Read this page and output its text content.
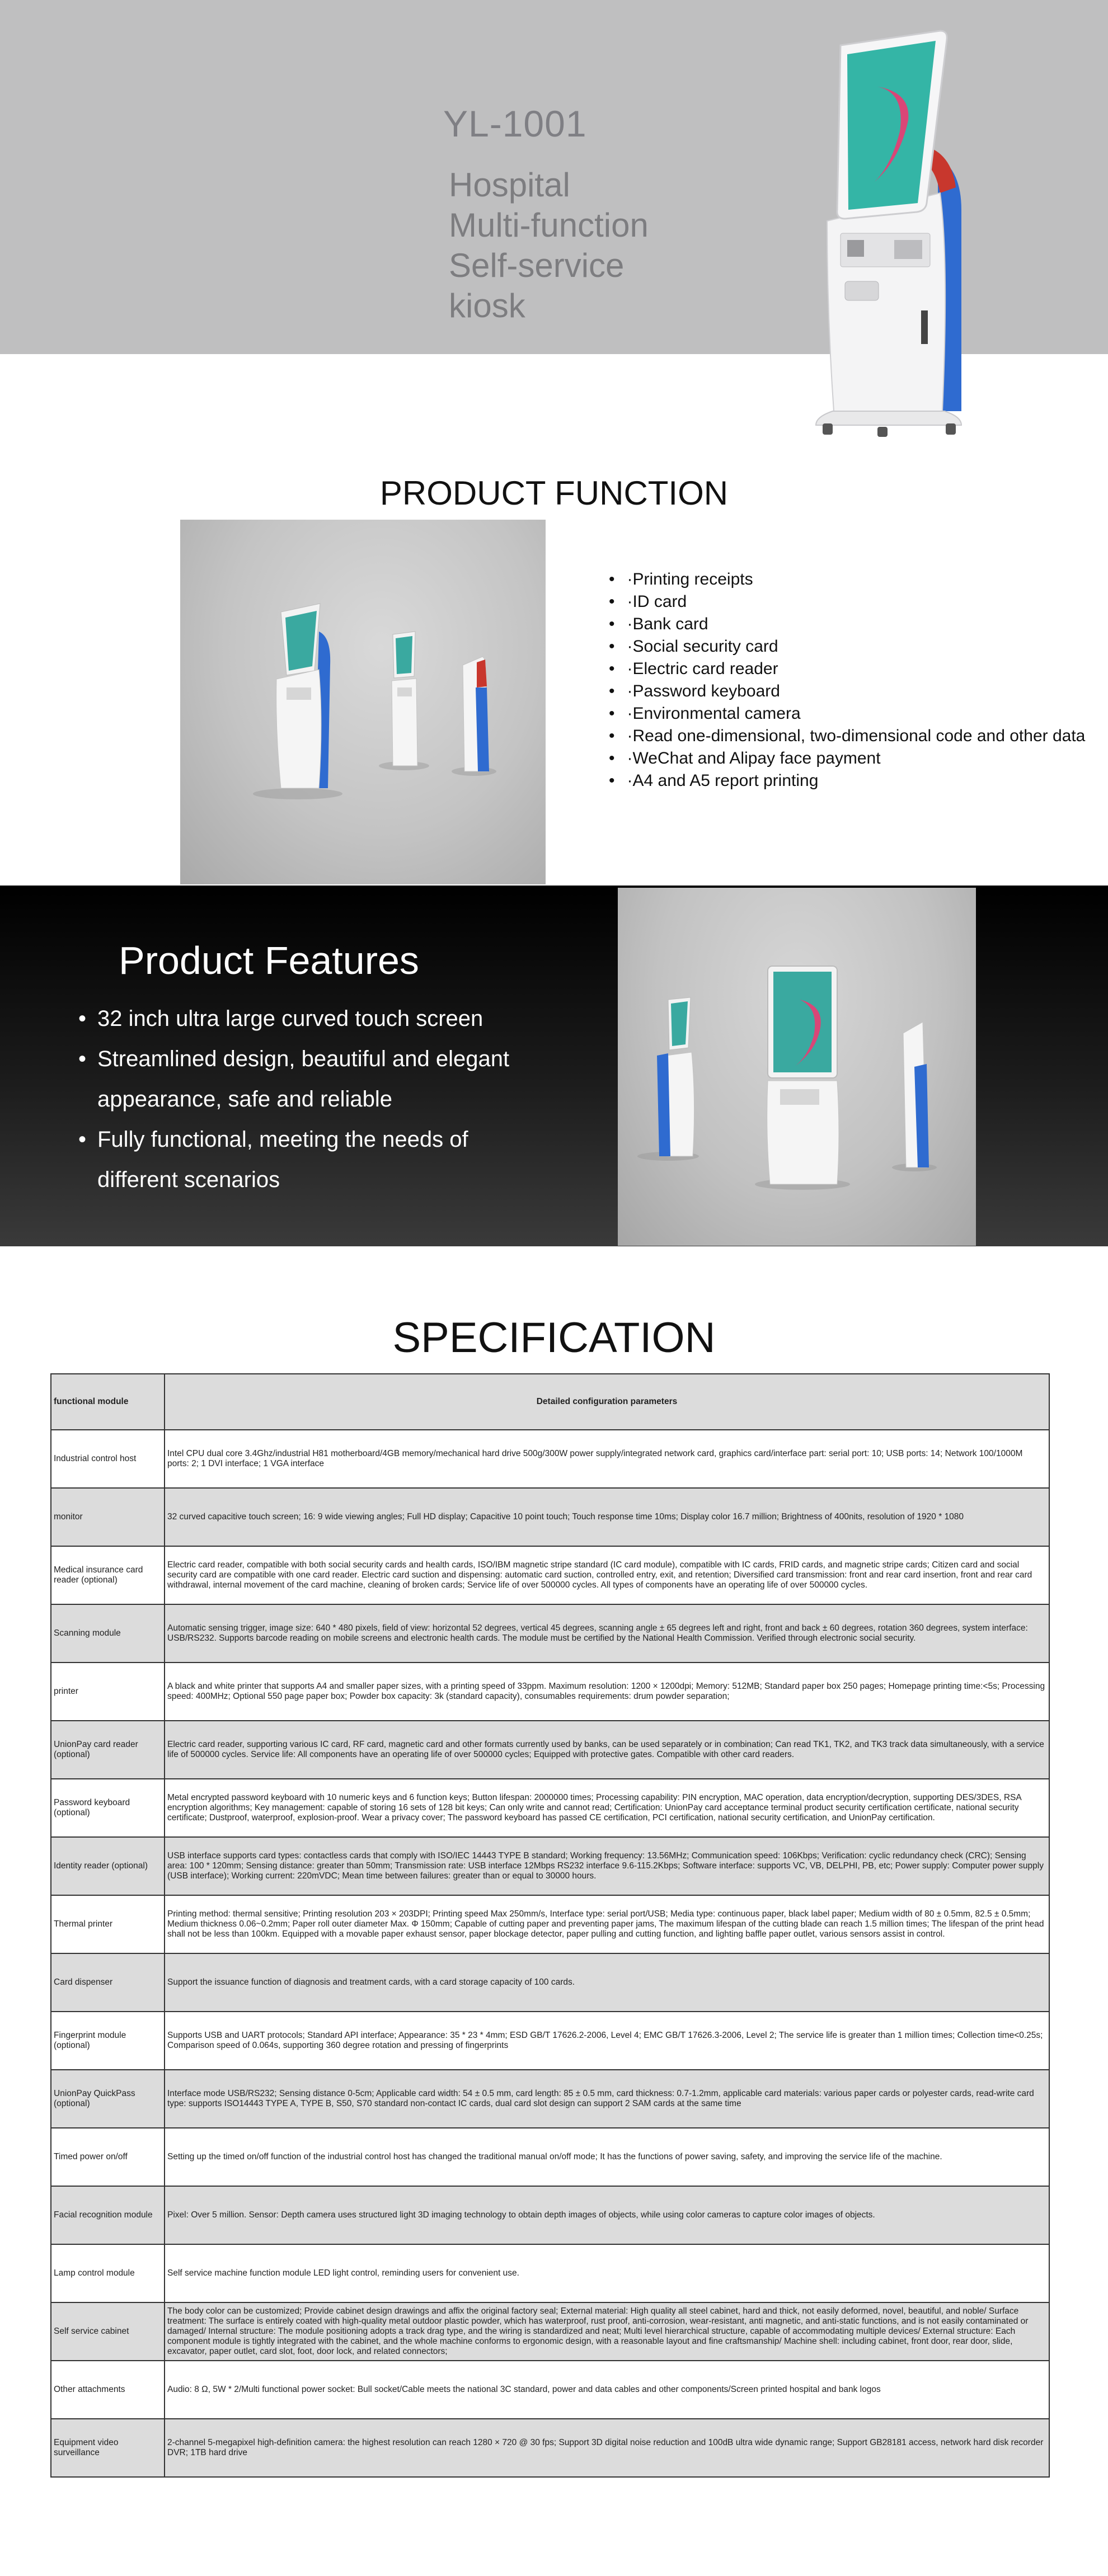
YL-1001
Hospital
Multi-function
Self-service
kiosk
PRODUCT FUNCTION
• ·Printing receipts
• ·ID card
• ·Bank card
• ·Social security card
• ·Electric card reader
• ·Password keyboard
• ·Environmental camera
• ·Read one-dimensional, two-dimensional code and other data
• ·WeChat and Alipay face payment
• ·A4 and A5 report printing
Product Features
• 32 inch ultra large curved touch screen
• Streamlined design, beautiful and elegant appearance, safe and reliable
• Fully functional, meeting the needs of different scenarios
SPECIFICATION
functional module	Detailed configuration parameters
Industrial control host	Intel CPU dual core 3.4Ghz/industrial H81 motherboard/4GB memory/mechanical hard drive 500g/300W power supply/integrated network card, graphics card/interface part: serial port: 10; USB ports: 14; Network 100/1000M ports: 2; 1 DVI interface; 1 VGA interface
monitor	32 curved capacitive touch screen; 16: 9 wide viewing angles; Full HD display; Capacitive 10 point touch; Touch response time 10ms; Display color 16.7 million; Brightness of 400nits, resolution of 1920 * 1080
Medical insurance card reader (optional)	Electric card reader, compatible with both social security cards and health cards, ISO/IBM magnetic stripe standard (IC card module), compatible with IC cards, FRID cards, and magnetic stripe cards; Citizen card and social security card are compatible with one card reader. Electric card suction and dispensing: automatic card suction, controlled entry, exit, and retention; Diversified card transmission: front and rear card insertion, front and rear card withdrawal, internal movement of the card machine, cleaning of broken cards; Service life of over 500000 cycles. All types of components have an operating life of over 500000 cycles.
Scanning module	Automatic sensing trigger, image size: 640 * 480 pixels, field of view: horizontal 52 degrees, vertical 45 degrees, scanning angle ± 65 degrees left and right, front and back ± 60 degrees, rotation 360 degrees, system interface: USB/RS232. Supports barcode reading on mobile screens and electronic health cards. The module must be certified by the National Health Commission. Verified through electronic social security.
printer	A black and white printer that supports A4 and smaller paper sizes, with a printing speed of 33ppm. Maximum resolution: 1200 × 1200dpi; Memory: 512MB; Standard paper box 250 pages; Homepage printing time:<5s; Processing speed: 400MHz; Optional 550 page paper box; Powder box capacity: 3k (standard capacity), consumables requirements: drum powder separation;
UnionPay card reader (optional)	Electric card reader, supporting various IC card, RF card, magnetic card and other formats currently used by banks, can be used separately or in combination; Can read TK1, TK2, and TK3 track data simultaneously, with a service life of 500000 cycles. Service life: All components have an operating life of over 500000 cycles; Equipped with protective gates. Compatible with other card readers.
Password keyboard (optional)	Metal encrypted password keyboard with 10 numeric keys and 6 function keys; Button lifespan: 2000000 times; Processing capability: PIN encryption, MAC operation, data encryption/decryption, supporting DES/3DES, RSA encryption algorithms; Key management: capable of storing 16 sets of 128 bit keys; Can only write and cannot read; Certification: UnionPay card acceptance terminal product security certification certificate, national security certificate; Dustproof, waterproof, explosion-proof. Wear a privacy cover; The password keyboard has passed CE certification, PCI certification, national security certification, and UnionPay certification.
Identity reader (optional)	USB interface supports card types: contactless cards that comply with ISO/IEC 14443 TYPE B standard; Working frequency: 13.56MHz; Communication speed: 106Kbps; Verification: cyclic redundancy check (CRC); Sensing area: 100 * 120mm; Sensing distance: greater than 50mm; Transmission rate: USB interface 12Mbps RS232 interface 9.6-115.2Kbps; Software interface: supports VC, VB, DELPHI, PB, etc; Power supply: Computer power supply (USB interface); Working current: 220mVDC; Mean time between failures: greater than or equal to 30000 hours.
Thermal printer	Printing method: thermal sensitive; Printing resolution 203 × 203DPI; Printing speed Max 250mm/s, Interface type: serial port/USB; Media type: continuous paper, black label paper; Medium width of 80 ± 0.5mm, 82.5 ± 0.5mm; Medium thickness 0.06~0.2mm; Paper roll outer diameter Max. Φ 150mm; Capable of cutting paper and preventing paper jams, The maximum lifespan of the cutting blade can reach 1.5 million times; The lifespan of the print head shall not be less than 100km. Equipped with a movable paper exhaust sensor, paper blockage detector, paper pulling and cutting function, and lighting baffle paper outlet, various sensors assist in control.
Card dispenser	Support the issuance function of diagnosis and treatment cards, with a card storage capacity of 100 cards.
Fingerprint module (optional)	Supports USB and UART protocols; Standard API interface; Appearance: 35 * 23 * 4mm; ESD GB/T 17626.2-2006, Level 4; EMC GB/T 17626.3-2006, Level 2; The service life is greater than 1 million times; Collection time<0.25s; Comparison speed of 0.064s, supporting 360 degree rotation and pressing of fingerprints
UnionPay QuickPass (optional)	Interface mode USB/RS232; Sensing distance 0-5cm; Applicable card width: 54 ± 0.5 mm, card length: 85 ± 0.5 mm, card thickness: 0.7-1.2mm, applicable card materials: various paper cards or polyester cards, read-write card type: supports ISO14443 TYPE A, TYPE B, S50, S70 standard non-contact IC cards, dual card slot design can support 2 SAM cards at the same time
Timed power on/off	Setting up the timed on/off function of the industrial control host has changed the traditional manual on/off mode; It has the functions of power saving, safety, and improving the service life of the machine.
Facial recognition module	Pixel: Over 5 million. Sensor: Depth camera uses structured light 3D imaging technology to obtain depth images of objects, while using color cameras to capture color images of objects.
Lamp control module	Self service machine function module LED light control, reminding users for convenient use.
Self service cabinet	The body color can be customized; Provide cabinet design drawings and affix the original factory seal; External material: High quality all steel cabinet, hard and thick, not easily deformed, novel, beautiful, and noble/ Surface treatment: The surface is entirely coated with high-quality metal outdoor plastic powder, which has waterproof, rust proof, anti-corrosion, wear-resistant, anti magnetic, and anti-static functions, and is not easily contaminated or damaged/ Internal structure: The module positioning adopts a track drag type, and the wiring is standardized and neat; Multi level hierarchical structure, capable of accommodating multiple devices/ External structure: Each component module is tightly integrated with the cabinet, and the whole machine conforms to ergonomic design, with a reasonable layout and fine craftsmanship/ Machine shell: including cabinet, front door, rear door, slide, excavator, paper outlet, card slot, foot, door lock, and related connectors;
Other attachments	Audio: 8 Ω, 5W * 2/Multi functional power socket: Bull socket/Cable meets the national 3C standard, power and data cables and other components/Screen printed hospital and bank logos
Equipment video surveillance	2-channel 5-megapixel high-definition camera: the highest resolution can reach 1280 × 720 @ 30 fps; Support 3D digital noise reduction and 100dB ultra wide dynamic range; Support GB28181 access, network hard disk recorder DVR; 1TB hard drive
